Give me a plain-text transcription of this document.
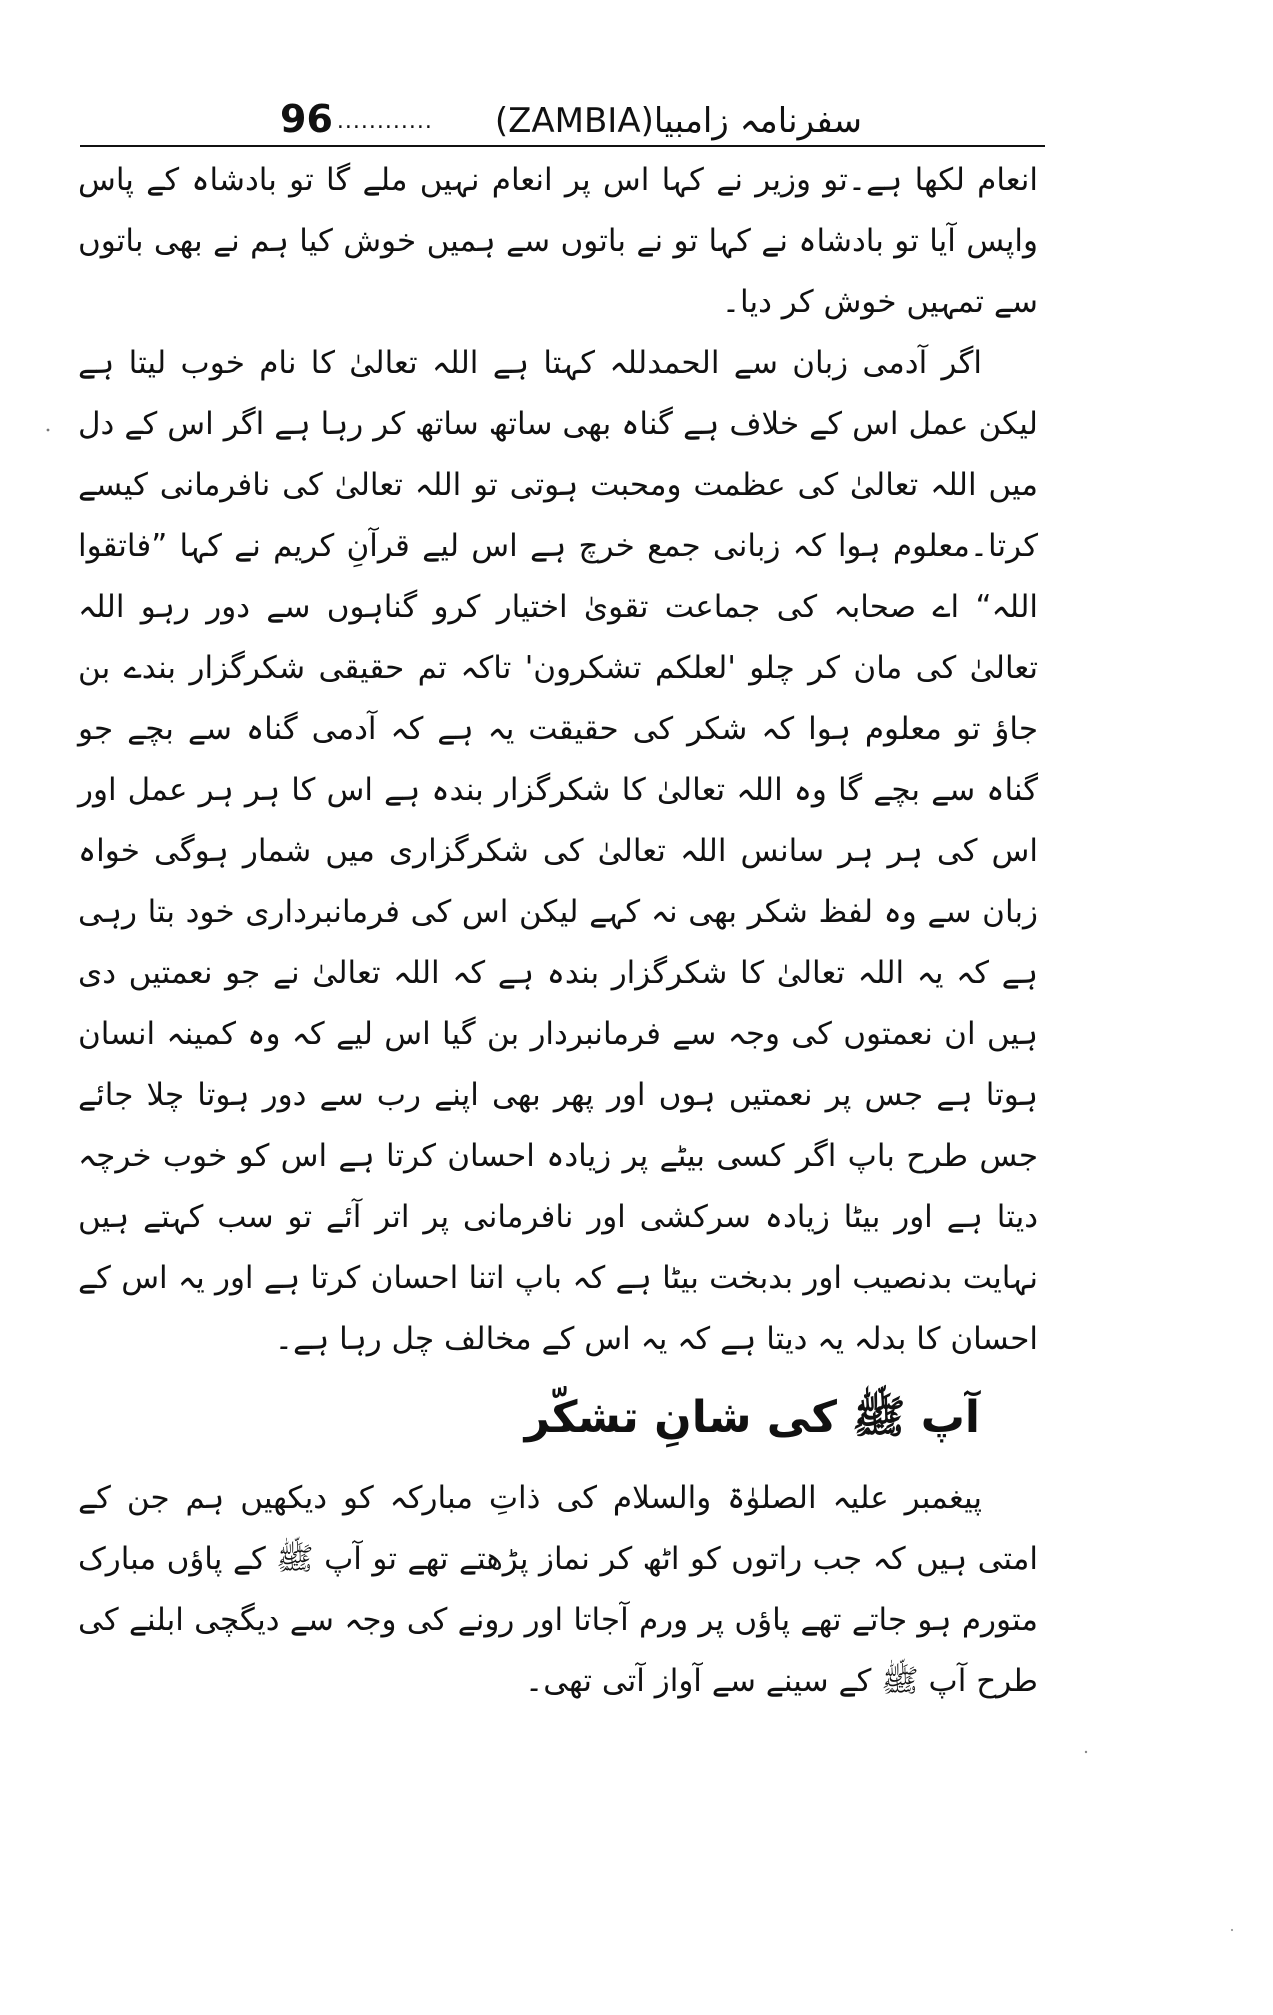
96 ............ سفرنامہ زامبیا(ZAMBIA)

انعام لکھا ہے۔تو وزیر نے کہا اس پر انعام نہیں ملے گا تو بادشاہ کے پاس واپس آیا تو بادشاہ نے کہا تو نے باتوں سے ہمیں خوش کیا ہم نے بھی باتوں سے تمہیں خوش کر دیا۔

اگر آدمی زبان سے الحمدللہ کہتا ہے اللہ تعالیٰ کا نام خوب لیتا ہے لیکن عمل اس کے خلاف ہے گناہ بھی ساتھ ساتھ کر رہا ہے اگر اس کے دل میں اللہ تعالیٰ کی عظمت ومحبت ہوتی تو اللہ تعالیٰ کی نافرمانی کیسے کرتا۔معلوم ہوا کہ زبانی جمع خرچ ہے اس لیے قرآنِ کریم نے کہا ”فاتقوا اللہ“ اے صحابہ کی جماعت تقویٰ اختیار کرو گناہوں سے دور رہو اللہ تعالیٰ کی مان کر چلو 'لعلکم تشکرون' تاکہ تم حقیقی شکرگزار بندے بن جاؤ تو معلوم ہوا کہ شکر کی حقیقت یہ ہے کہ آدمی گناہ سے بچے جو گناہ سے بچے گا وہ اللہ تعالیٰ کا شکرگزار بندہ ہے اس کا ہر ہر عمل اور اس کی ہر ہر سانس اللہ تعالیٰ کی شکرگزاری میں شمار ہوگی خواہ زبان سے وہ لفظ شکر بھی نہ کہے لیکن اس کی فرمانبرداری خود بتا رہی ہے کہ یہ اللہ تعالیٰ کا شکرگزار بندہ ہے کہ اللہ تعالیٰ نے جو نعمتیں دی ہیں ان نعمتوں کی وجہ سے فرمانبردار بن گیا اس لیے کہ وہ کمینہ انسان ہوتا ہے جس پر نعمتیں ہوں اور پھر بھی اپنے رب سے دور ہوتا چلا جائے جس طرح باپ اگر کسی بیٹے پر زیادہ احسان کرتا ہے اس کو خوب خرچہ دیتا ہے اور بیٹا زیادہ سرکشی اور نافرمانی پر اتر آئے تو سب کہتے ہیں نہایت بدنصیب اور بدبخت بیٹا ہے کہ باپ اتنا احسان کرتا ہے اور یہ اس کے احسان کا بدلہ یہ دیتا ہے کہ یہ اس کے مخالف چل رہا ہے۔

آپ ﷺ کی شانِ تشکّر

پیغمبر علیہ الصلوٰۃ والسلام کی ذاتِ مبارکہ کو دیکھیں ہم جن کے امتی ہیں کہ جب راتوں کو اٹھ کر نماز پڑھتے تھے تو آپ ﷺ کے پاؤں مبارک متورم ہو جاتے تھے پاؤں پر ورم آجاتا اور رونے کی وجہ سے دیگچی ابلنے کی طرح آپ ﷺ کے سینے سے آواز آتی تھی۔
